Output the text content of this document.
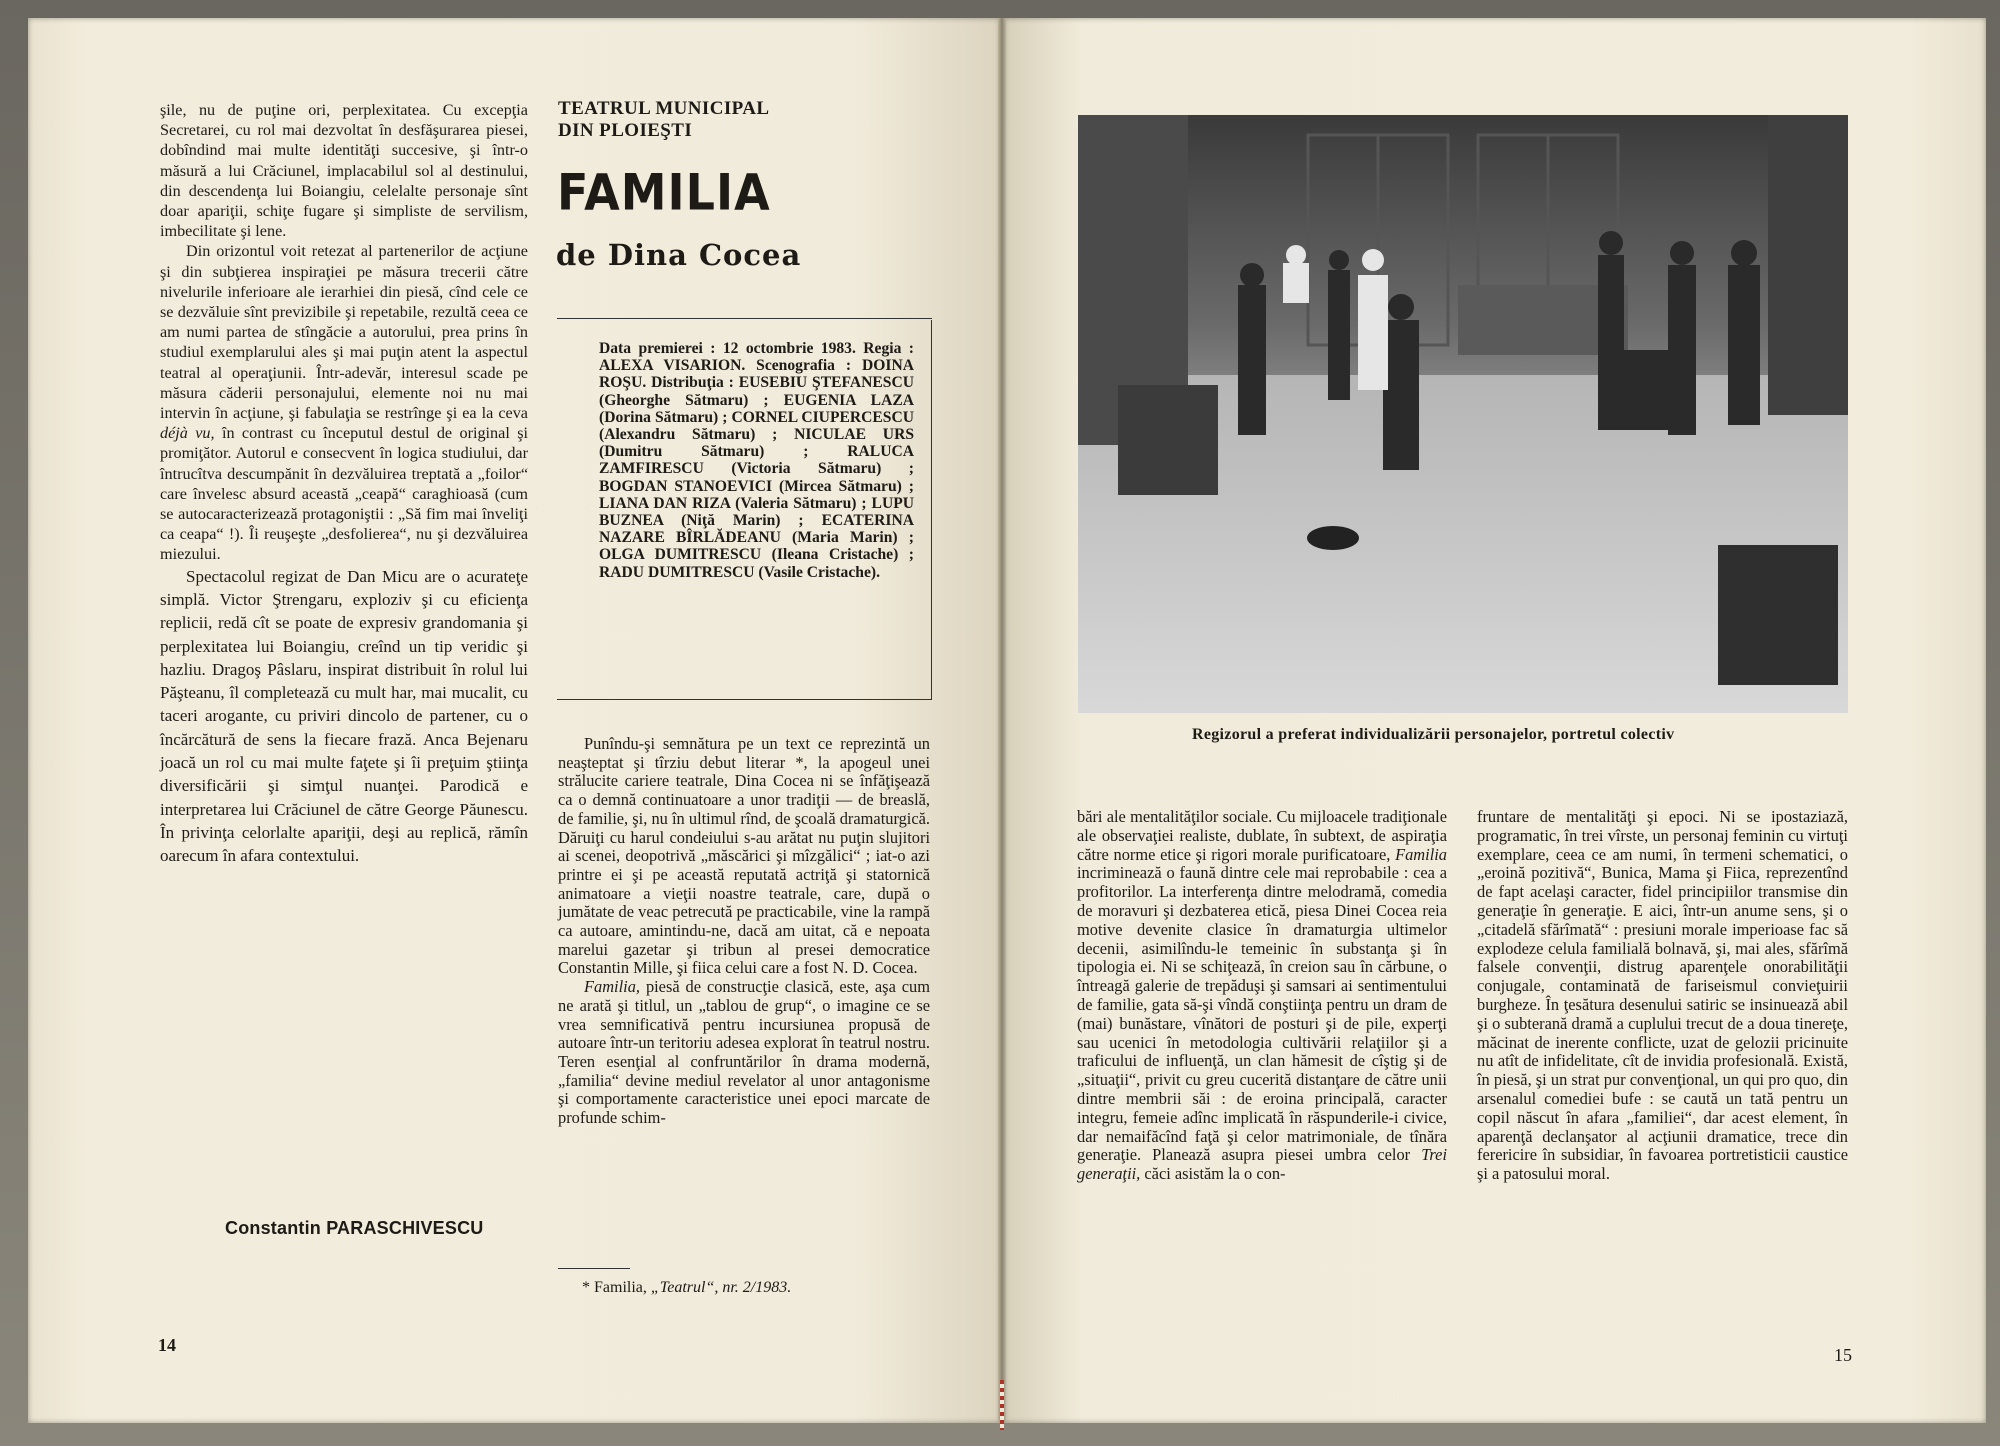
şile, nu de puţine ori, perplexitatea. Cu excepţia Secretarei, cu rol mai dezvoltat în desfăşurarea piesei, dobîndind mai multe identităţi succesive, şi într-o măsură a lui Crăciunel, implacabilul sol al destinului, din descendenţa lui Boiangiu, celelalte personaje sînt doar apariţii, schiţe fugare şi simpliste de servilism, imbecilitate şi lene.

Din orizontul voit retezat al partenerilor de acţiune şi din subţierea inspiraţiei pe măsura trecerii către nivelurile inferioare ale ierarhiei din piesă, cînd cele ce se dezvăluie sînt previzibile şi repetabile, rezultă ceea ce am numi partea de stîngăcie a autorului, prea prins în studiul exemplarului ales şi mai puţin atent la aspectul teatral al operaţiunii. Într-adevăr, interesul scade pe măsura căderii personajului, elemente noi nu mai intervin în acţiune, şi fabulaţia se restrînge şi ea la ceva déjà vu, în contrast cu începutul destul de original şi promiţător. Autorul e consecvent în logica studiului, dar întrucîtva descumpănit în dezvăluirea treptată a „foilor“ care învelesc absurd această „ceapă“ caraghioasă (cum se autocaracterizează protagoniştii : „Să fim mai înveliţi ca ceapa“ !). Îi reuşeşte „desfolierea“, nu şi dezvăluirea miezului.

Spectacolul regizat de Dan Micu are o acurateţe simplă. Victor Ştrengaru, exploziv şi cu eficienţa replicii, redă cît se poate de expresiv grandomania şi perplexitatea lui Boiangiu, creînd un tip veridic şi hazliu. Dragoş Pâslaru, inspirat distribuit în rolul lui Păşteanu, îl completează cu mult har, mai mucalit, cu taceri arogante, cu priviri dincolo de partener, cu o încărcătură de sens la fiecare frază. Anca Bejenaru joacă un rol cu mai multe faţete şi îi preţuim ştiinţa diversificării şi simţul nuanţei. Parodică e interpretarea lui Crăciunel de către George Păunescu. În privinţa celorlalte apariţii, deşi au replică, rămîn oarecum în afara contextului.

Constantin PARASCHIVESCU
14
TEATRUL MUNICIPAL
DIN PLOIEŞTI
FAMILIA
de Dina Cocea
Data premierei : 12 octombrie 1983. Regia : ALEXA VISARION. Scenografia : DOINA ROŞU. Distribuţia : EUSEBIU ŞTEFANESCU (Gheorghe Sătmaru) ; EUGENIA LAZA (Dorina Sătmaru) ; CORNEL CIUPERCESCU (Alexandru Sătmaru) ; NICULAE URS (Dumitru Sătmaru) ; RALUCA ZAMFIRESCU (Victoria Sătmaru) ; BOGDAN STANOEVICI (Mircea Sătmaru) ; LIANA DAN RIZA (Valeria Sătmaru) ; LUPU BUZNEA (Niţă Marin) ; ECATERINA NAZARE BÎRLĂDEANU (Maria Marin) ; OLGA DUMITRESCU (Ileana Cristache) ; RADU DUMITRESCU (Vasile Cristache).

Punîndu-şi semnătura pe un text ce reprezintă un neaşteptat şi tîrziu debut literar *, la apogeul unei strălucite cariere teatrale, Dina Cocea ni se înfăţişează ca o demnă continuatoare a unor tradiţii — de breaslă, de familie, şi, nu în ultimul rînd, de şcoală dramaturgică. Dăruiţi cu harul condeiului s-au arătat nu puţin slujitori ai scenei, deopotrivă „măscărici şi mîzgălici“ ; iat-o azi printre ei şi pe această reputată actriţă şi statornică animatoare a vieţii noastre teatrale, care, după o jumătate de veac petrecută pe practicabile, vine la rampă ca autoare, amintindu-ne, dacă am uitat, că e nepoata marelui gazetar şi tribun al presei democratice Constantin Mille, şi fiica celui care a fost N. D. Cocea.

Familia, piesă de construcţie clasică, este, aşa cum ne arată şi titlul, un „tablou de grup“, o imagine ce se vrea semnificativă pentru incursiunea propusă de autoare într-un teritoriu adesea explorat în teatrul nostru. Teren esenţial al confruntărilor în drama modernă, „familia“ devine mediul revelator al unor antagonisme şi comportamente caracteristice unei epoci marcate de profunde schim-

* Familia, „Teatrul“, nr. 2/1983.
Regizorul a preferat individualizării personajelor, portretul colectiv

bări ale mentalităţilor sociale. Cu mijloacele tradiţionale ale observaţiei realiste, dublate, în subtext, de aspiraţia către norme etice şi rigori morale purificatoare, Familia incriminează o faună dintre cele mai reprobabile : cea a profitorilor. La interferenţa dintre melodramă, comedia de moravuri şi dezbaterea etică, piesa Dinei Cocea reia motive devenite clasice în dramaturgia ultimelor decenii, asimilîndu-le temeinic în substanţa şi în tipologia ei. Ni se schiţează, în creion sau în cărbune, o întreagă galerie de trepăduşi şi samsari ai sentimentului de familie, gata să-şi vîndă conştiinţa pentru un dram de (mai) bunăstare, vînători de posturi şi de pile, experţi sau ucenici în metodologia cultivării relaţiilor şi a traficului de influenţă, un clan hămesit de cîştig şi de „situaţii“, privit cu greu cucerită distanţare de către unii dintre membrii săi : de eroina principală, caracter integru, femeie adînc implicată în răspunderile-i civice, dar nemaifăcînd faţă şi celor matrimoniale, de tînăra generaţie. Planează asupra piesei umbra celor Trei generaţii, căci asistăm la o con-

fruntare de mentalităţi şi epoci. Ni se ipostaziază, programatic, în trei vîrste, un personaj feminin cu virtuţi exemplare, ceea ce am numi, în termeni schematici, o „eroină pozitivă“, Bunica, Mama şi Fiica, reprezentînd de fapt acelaşi caracter, fidel principiilor transmise din generaţie în generaţie. E aici, într-un anume sens, şi o „citadelă sfărîmată“ : presiuni morale imperioase fac să explodeze celula familială bolnavă, şi, mai ales, sfărîmă falsele convenţii, distrug aparenţele onorabilităţii conjugale, contaminată de fariseismul convieţuirii burgheze. În ţesătura desenului satiric se insinuează abil şi o subterană dramă a cuplului trecut de a doua tinereţe, măcinat de inerente conflicte, uzat de gelozii pricinuite nu atît de infidelitate, cît de invidia profesională. Există, în piesă, şi un strat pur convenţional, un qui pro quo, din arsenalul comediei bufe : se caută un tată pentru un copil născut în afara „familiei“, dar acest element, în aparenţă declanşator al acţiunii dramatice, trece din ferericire în subsidiar, în favoarea portretisticii caustice şi a patosului moral.

15
